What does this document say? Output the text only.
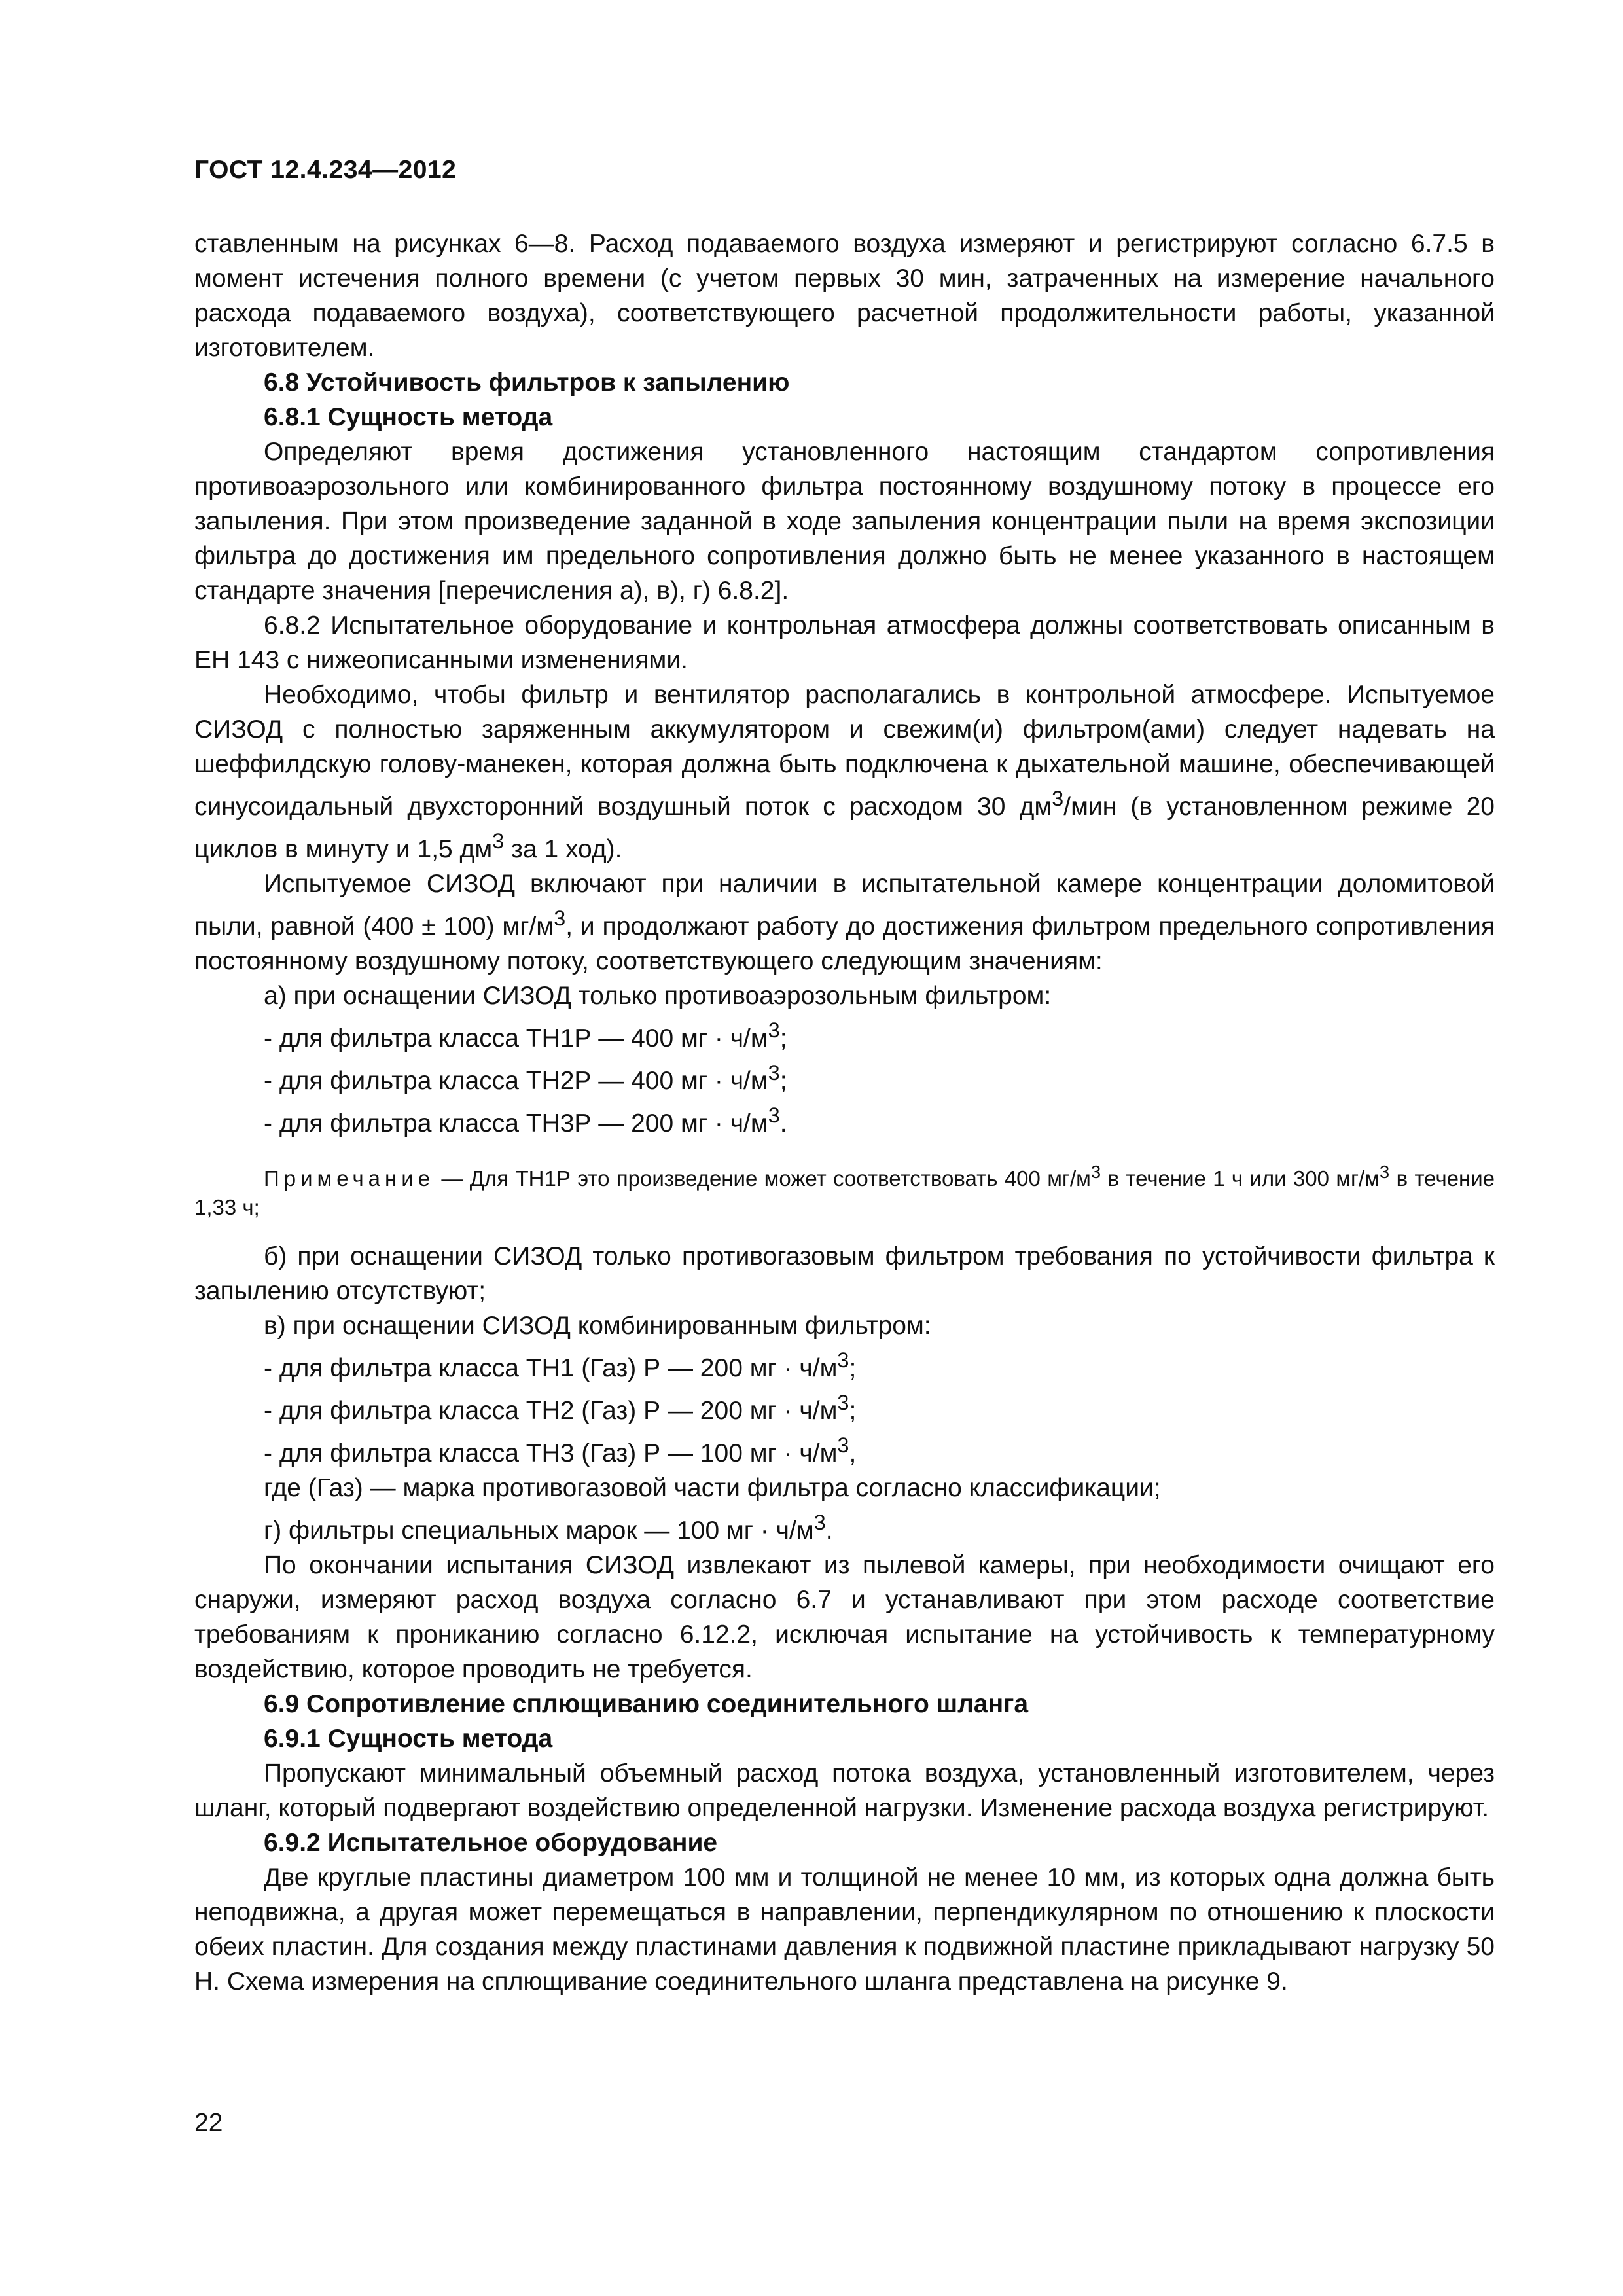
ГОСТ 12.4.234—2012

ставленным на рисунках 6—8. Расход подаваемого воздуха измеряют и регистрируют согласно 6.7.5 в момент истечения полного времени (с учетом первых 30 мин, затраченных на измерение начального расхода подаваемого воздуха), соответствующего расчетной продолжительности работы, указанной изготовителем.

6.8 Устойчивость фильтров к запылению
6.8.1 Сущность метода

Определяют время достижения установленного настоящим стандартом сопротивления противоаэрозольного или комбинированного фильтра постоянному воздушному потоку в процессе его запыления. При этом произведение заданной в ходе запыления концентрации пыли на время экспозиции фильтра до достижения им предельного сопротивления должно быть не менее указанного в настоящем стандарте значения [перечисления а), в), г) 6.8.2].

6.8.2 Испытательное оборудование и контрольная атмосфера должны соответствовать описанным в ЕН 143 с нижеописанными изменениями.

Необходимо, чтобы фильтр и вентилятор располагались в контрольной атмосфере. Испытуемое СИЗОД с полностью заряженным аккумулятором и свежим(и) фильтром(ами) следует надевать на шеффилдскую голову-манекен, которая должна быть подключена к дыхательной машине, обеспечивающей синусоидальный двухсторонний воздушный поток с расходом 30 $дм^3$/мин (в установленном режиме 20 циклов в минуту и 1,5 $дм^3$ за 1 ход).

Испытуемое СИЗОД включают при наличии в испытательной камере концентрации доломитовой пыли, равной (400 ± 100) $мг/м^3$, и продолжают работу до достижения фильтром предельного сопротивления постоянному воздушному потоку, соответствующего следующим значениям:

а) при оснащении СИЗОД только противоаэрозольным фильтром:

- для фильтра класса ТН1Р — 400 мг · $ч/м^3$;

- для фильтра класса ТН2Р — 400 мг · $ч/м^3$;

- для фильтра класса ТН3Р — 200 мг · $ч/м^3$.

Примечание — Для ТН1Р это произведение может соответствовать 400 $мг/м^3$ в течение 1 ч или 300 $мг/м^3$ в течение 1,33 ч;

б) при оснащении СИЗОД только противогазовым фильтром требования по устойчивости фильтра к запылению отсутствуют;

в) при оснащении СИЗОД комбинированным фильтром:

- для фильтра класса ТН1 (Газ) Р — 200 мг · $ч/м^3$;

- для фильтра класса ТН2 (Газ) Р — 200 мг · $ч/м^3$;

- для фильтра класса ТН3 (Газ) Р — 100 мг · $ч/м^3$,

где (Газ) — марка противогазовой части фильтра согласно классификации;

г) фильтры специальных марок — 100 мг · $ч/м^3$.

По окончании испытания СИЗОД извлекают из пылевой камеры, при необходимости очищают его снаружи, измеряют расход воздуха согласно 6.7 и устанавливают при этом расходе соответствие требованиям к прониканию согласно 6.12.2, исключая испытание на устойчивость к температурному воздействию, которое проводить не требуется.

6.9 Сопротивление сплющиванию соединительного шланга
6.9.1 Сущность метода

Пропускают минимальный объемный расход потока воздуха, установленный изготовителем, через шланг, который подвергают воздействию определенной нагрузки. Изменение расхода воздуха регистрируют.

6.9.2 Испытательное оборудование

Две круглые пластины диаметром 100 мм и толщиной не менее 10 мм, из которых одна должна быть неподвижна, а другая может перемещаться в направлении, перпендикулярном по отношению к плоскости обеих пластин. Для создания между пластинами давления к подвижной пластине прикладывают нагрузку 50 Н. Схема измерения на сплющивание соединительного шланга представлена на рисунке 9.

22
